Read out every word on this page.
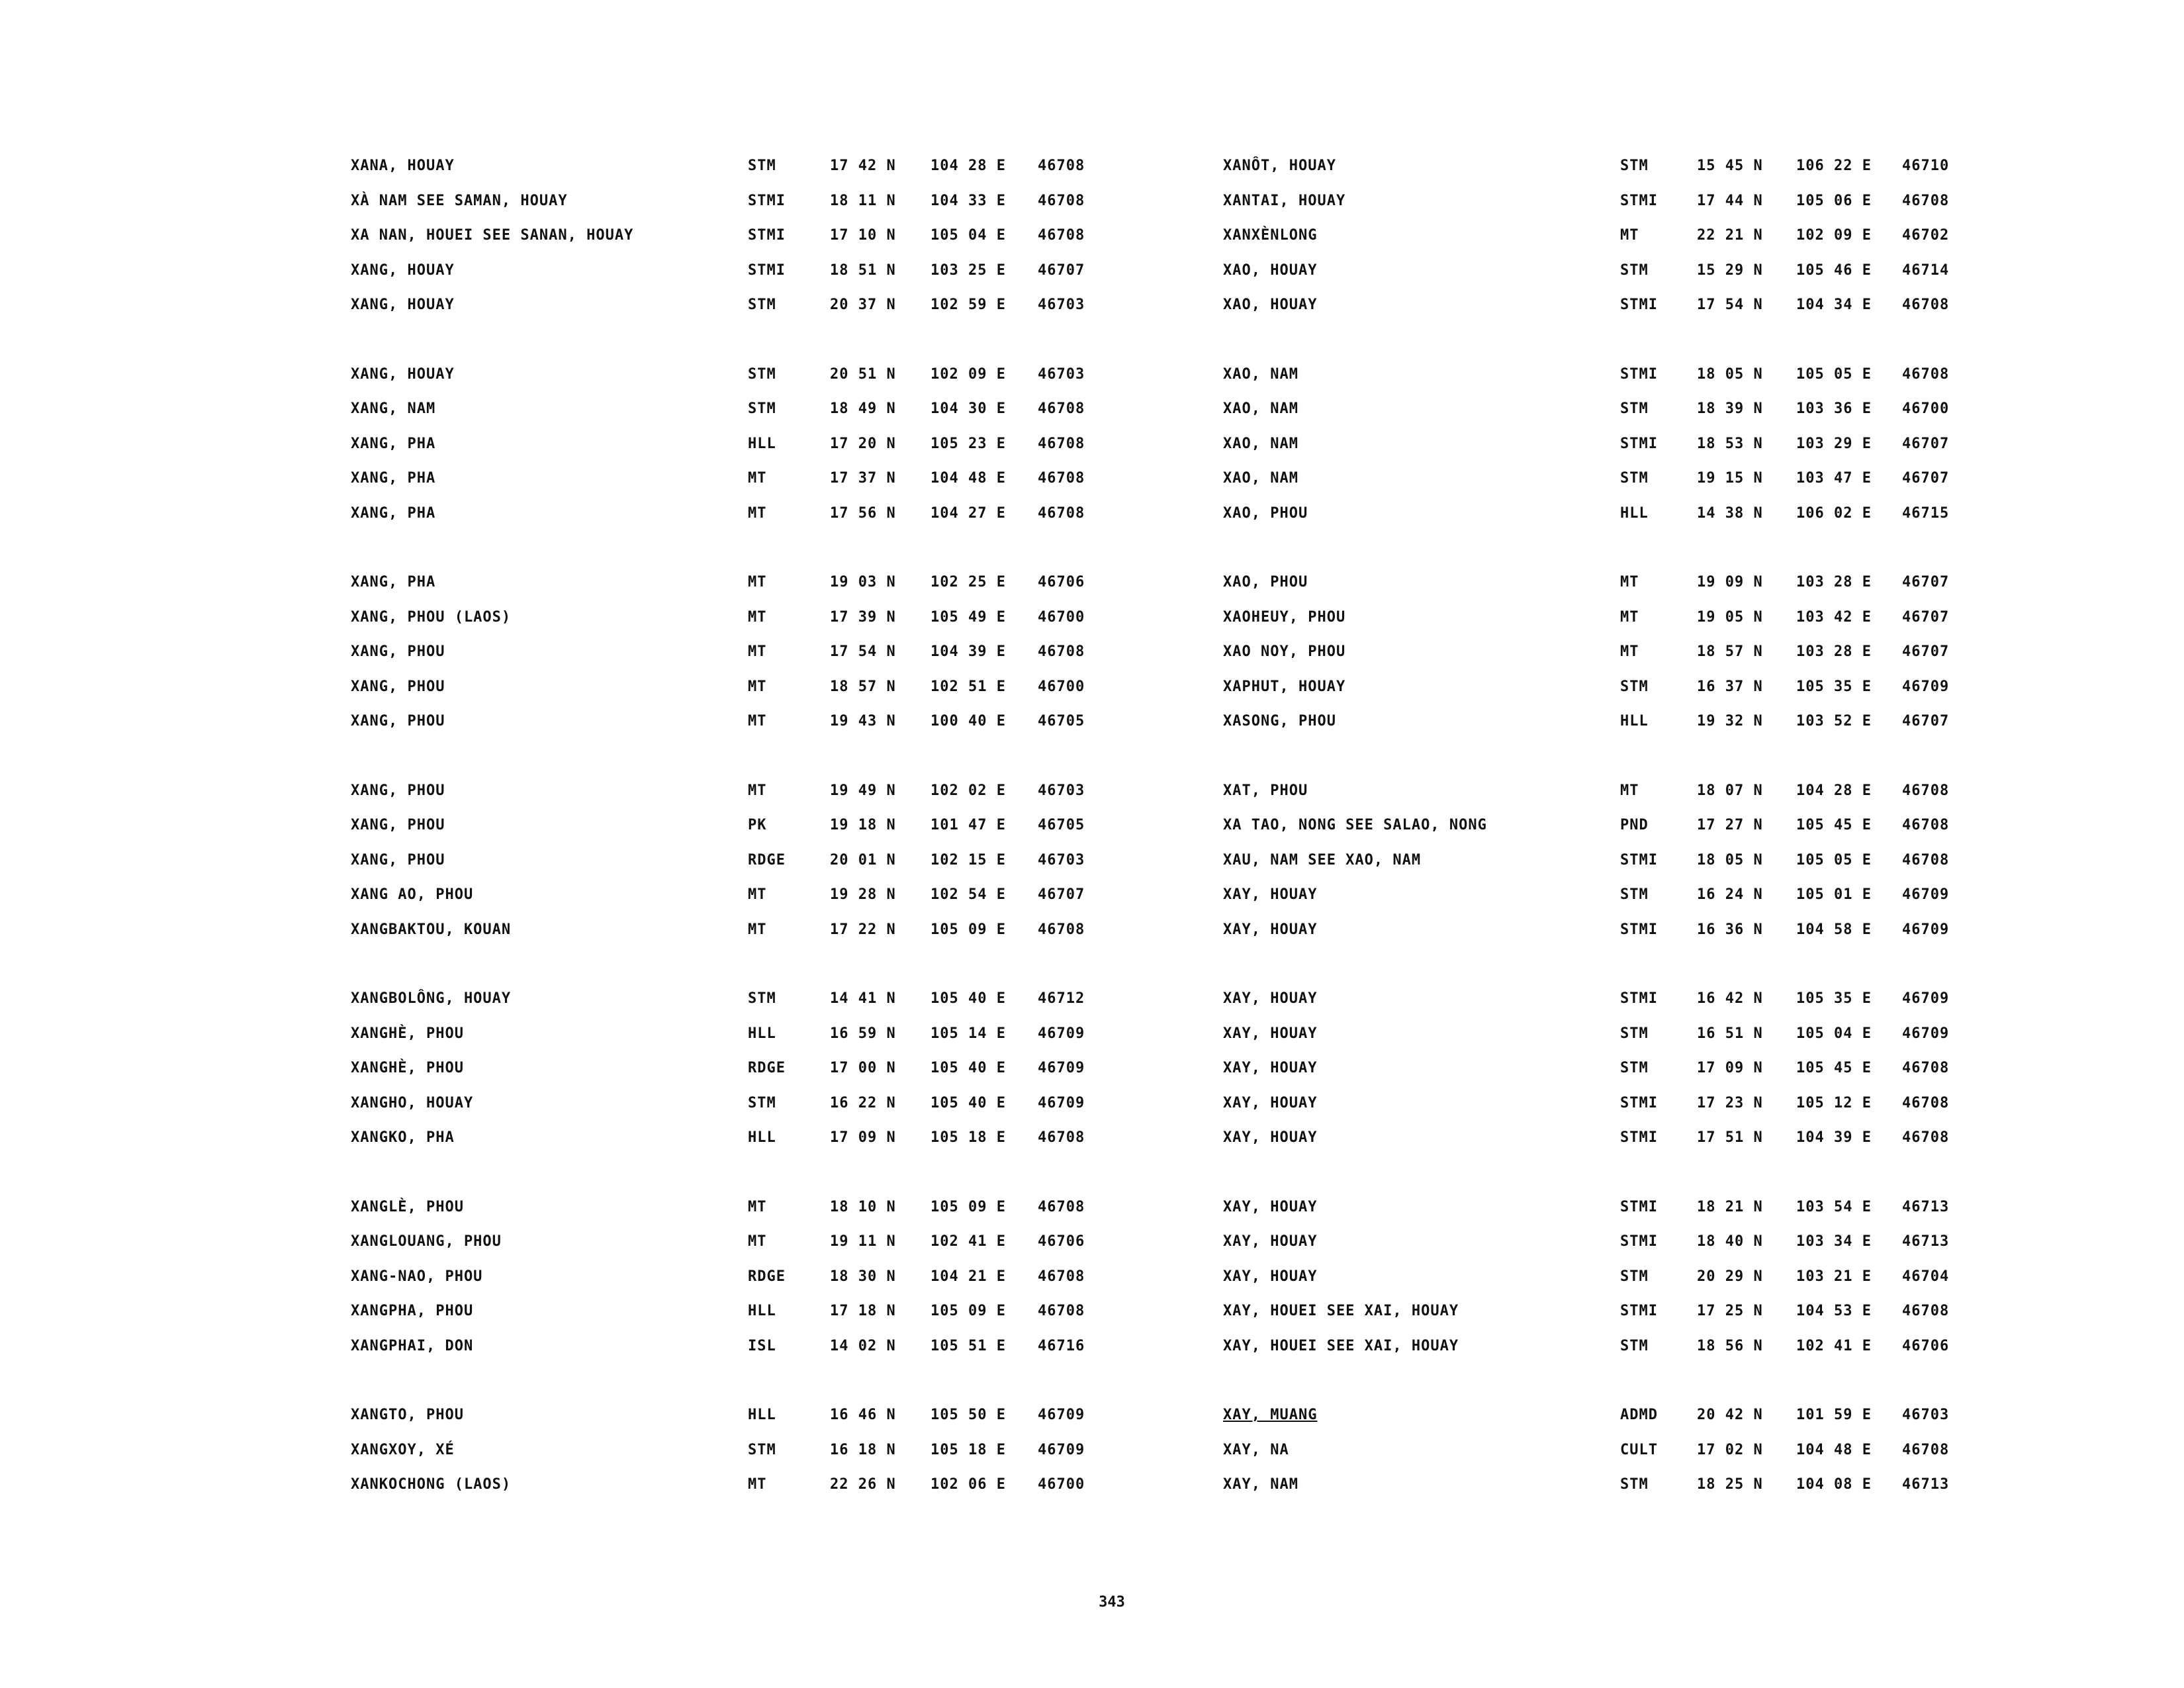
XANA, HOUAY	STM	17 42 N 104 28 E 46708
XÀ NAM SEE SAMAN, HOUAY	STMI	18 11 N 104 33 E 46708
XA NAN, HOUEI SEE SANAN, HOUAY	STMI	17 10 N 105 04 E 46708
XANG, HOUAY	STMI	18 51 N 103 25 E 46707
XANG, HOUAY	STM	20 37 N 102 59 E 46703
XANG, HOUAY	STM	20 51 N 102 09 E 46703
XANG, NAM	STM	18 49 N 104 30 E 46708
XANG, PHA	HLL	17 20 N 105 23 E 46708
XANG, PHA	MT	17 37 N 104 48 E 46708
XANG, PHA	MT	17 56 N 104 27 E 46708
XANG, PHA	MT	19 03 N 102 25 E 46706
XANG, PHOU (LAOS)	MT	17 39 N 105 49 E 46700
XANG, PHOU	MT	17 54 N 104 39 E 46708
XANG, PHOU	MT	18 57 N 102 51 E 46700
XANG, PHOU	MT	19 43 N 100 40 E 46705
XANG, PHOU	MT	19 49 N 102 02 E 46703
XANG, PHOU	PK	19 18 N 101 47 E 46705
XANG, PHOU	RDGE	20 01 N 102 15 E 46703
XANG AO, PHOU	MT	19 28 N 102 54 E 46707
XANGBAKTOU, KOUAN	MT	17 22 N 105 09 E 46708
XANGBOLÔNG, HOUAY	STM	14 41 N 105 40 E 46712
XANGHÈ, PHOU	HLL	16 59 N 105 14 E 46709
XANGHÈ, PHOU	RDGE	17 00 N 105 40 E 46709
XANGHO, HOUAY	STM	16 22 N 105 40 E 46709
XANGKO, PHA	HLL	17 09 N 105 18 E 46708
XANGLÈ, PHOU	MT	18 10 N 105 09 E 46708
XANGLOUANG, PHOU	MT	19 11 N 102 41 E 46706
XANG-NAO, PHOU	RDGE	18 30 N 104 21 E 46708
XANGPHA, PHOU	HLL	17 18 N 105 09 E 46708
XANGPHAI, DON	ISL	14 02 N 105 51 E 46716
XANGTO, PHOU	HLL	16 46 N 105 50 E 46709
XANGXOY, XÉ	STM	16 18 N 105 18 E 46709
XANKOCHONG (LAOS)	MT	22 26 N 102 06 E 46700
XANÔT, HOUAY	STM	15 45 N 106 22 E 46710
XANTAI, HOUAY	STMI	17 44 N 105 06 E 46708
XANXÈNLONG	MT	22 21 N 102 09 E 46702
XAO, HOUAY	STM	15 29 N 105 46 E 46714
XAO, HOUAY	STMI	17 54 N 104 34 E 46708
XAO, NAM	STMI	18 05 N 105 05 E 46708
XAO, NAM	STM	18 39 N 103 36 E 46700
XAO, NAM	STMI	18 53 N 103 29 E 46707
XAO, NAM	STM	19 15 N 103 47 E 46707
XAO, PHOU	HLL	14 38 N 106 02 E 46715
XAO, PHOU	MT	19 09 N 103 28 E 46707
XAOHEUY, PHOU	MT	19 05 N 103 42 E 46707
XAO NOY, PHOU	MT	18 57 N 103 28 E 46707
XAPHUT, HOUAY	STM	16 37 N 105 35 E 46709
XASONG, PHOU	HLL	19 32 N 103 52 E 46707
XAT, PHOU	MT	18 07 N 104 28 E 46708
XA TAO, NONG SEE SALAO, NONG	PND	17 27 N 105 45 E 46708
XAU, NAM SEE XAO, NAM	STMI	18 05 N 105 05 E 46708
XAY, HOUAY	STM	16 24 N 105 01 E 46709
XAY, HOUAY	STMI	16 36 N 104 58 E 46709
XAY, HOUAY	STMI	16 42 N 105 35 E 46709
XAY, HOUAY	STM	16 51 N 105 04 E 46709
XAY, HOUAY	STM	17 09 N 105 45 E 46708
XAY, HOUAY	STMI	17 23 N 105 12 E 46708
XAY, HOUAY	STMI	17 51 N 104 39 E 46708
XAY, HOUAY	STMI	18 21 N 103 54 E 46713
XAY, HOUAY	STMI	18 40 N 103 34 E 46713
XAY, HOUAY	STM	20 29 N 103 21 E 46704
XAY, HOUEI SEE XAI, HOUAY	STMI	17 25 N 104 53 E 46708
XAY, HOUEI SEE XAI, HOUAY	STM	18 56 N 102 41 E 46706
XAY, MUANG	ADMD	20 42 N 101 59 E 46703
XAY, NA	CULT	17 02 N 104 48 E 46708
XAY, NAM	STM	18 25 N 104 08 E 46713
343
